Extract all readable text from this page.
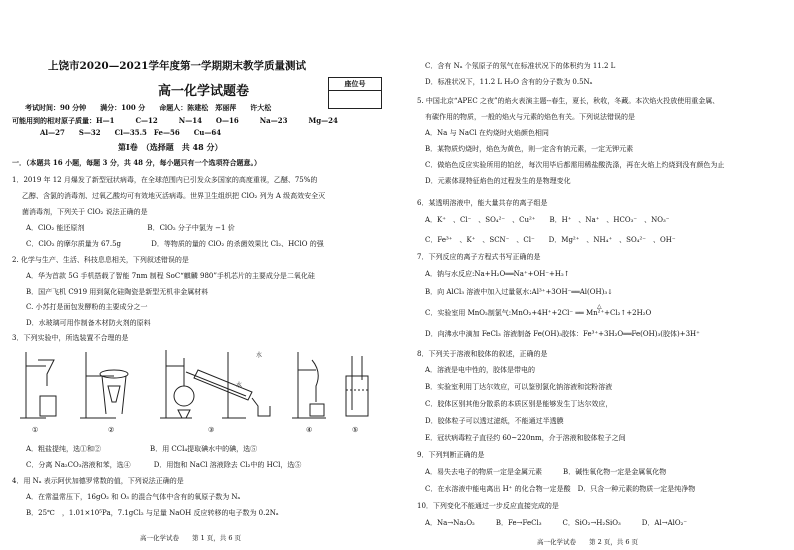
上饶市2020—2021学年度第一学期期末教学质量测试
高一化学试题卷
座位号
考试时间：90 分钟　　满分：100 分　　命题人：陈建松　郑丽萍　　许大松
可能用到的相对原子质量：H—1　　　C—12　　　N—14　　O—16　　　Na—23　　　Mg—24
Al—27　　S—32　　Cl—35.5　Fe—56　　Cu—64
第Ⅰ卷　（选择题　共 48 分）
一．（本题共 16 小题，每题 3 分，共 48 分，每小题只有一个选项符合题意。）
1．2019 年 12 月爆发了新型冠状病毒，在全球范围内已引发众多国家的高度重视，乙醚、75%的
乙醇、含氯的消毒剂、过氧乙酸均可有效地灭活病毒。世界卫生组织把 ClO₂ 列为 A 级高效安全灭
菌消毒剂，下列关于 ClO₂ 说法正确的是
A．ClO₂ 能还原剂　　　　　　　　　B．ClO₂ 分子中氯为 −1 价
C．ClO₂ 的摩尔质量为 67.5g　　　　 D．等物质的量的 ClO₂ 的杀菌效果比 Cl₂、HClO 的强
2. 化学与生产、生活、科技息息相关，下列叙述错误的是
A．华为首款 5G 手机搭载了智能 7nm 制程 SoC“麒麟 980”手机芯片的主要成分是二氧化硅
B．国产飞机 C919 用到氮化硅陶瓷是新型无机非金属材料
C. 小苏打是面包发酵粉的主要成分之一
D．水玻璃可用作制备木材防火剂的原料
3．下列实验中，所选装置不合理的是
①	②	③	④	⑤
水
水
A．粗盐提纯，选①和②　　　　　　　B．用 CCl₄提取碘水中的碘，选⑤
C．分离 Na₂CO₃溶液和苯，选④　　　 D．用饱和 NaCl 溶液除去 Cl₂中的 HCl，选⑤
4．用 Nₐ 表示阿伏加德罗常数的值，下列说法正确的是
A．在常温常压下，16gO₂ 和 O₃ 的混合气体中含有的氧原子数为 Nₐ
B．25℃　，1.01×10⁵Pa，7.1gCl₂ 与足量 NaOH 反应转移的电子数为 0.2Nₐ
高一化学试卷　　第 1 页，共 6 页
C．含有 Nₐ 个氖原子的氖气在标准状况下的体积约为 11.2 L
D．标准状况下，11.2 L H₂O 含有的分子数为 0.5Nₐ
5. 中国北京“APEC 之夜”的焰火表演主题--春生，夏长，秋收，冬藏。本次焰火投放使用重金属、
有碳作用的物质，一般的焰火与元素的焰色有关。下列说法错误的是
A．Na 与 NaCl 在灼烧时火焰颜色相同
B．某物质灼烧时，焰色为黄色，则一定含有钠元素，一定无钾元素
C．做焰色反应实验所用的铂丝，每次用毕后都需用稀盐酸洗涤，再在火焰上灼烧到没有颜色为止
D．元素体现特征焰色的过程发生的是物理变化
6．某透明溶液中，能大量共存的离子组是
A．K⁺　、Cl⁻　、SO₄²⁻　、Cu²⁺　　B．H⁺　、Na⁺　、HCO₃⁻　、NO₃⁻
C．Fe³⁺　、K⁺　、SCN⁻　、Cl⁻　　D．Mg²⁺　、NH₄⁺　、SO₄²⁻　、OH⁻
7．下列反应的离子方程式书写正确的是
A．钠与水反应:Na+H₂O══Na⁺+OH⁻+H₂↑
B．向 AlCl₃ 溶液中加入过量氨水:Al³⁺+3OH⁻══Al(OH)₃↓
△
C．实验室用 MnO₂制氯气:MnO₂+4H⁺+2Cl⁻ ══ Mn²⁺+Cl₂↑+2H₂O
D．向沸水中滴加 FeCl₃ 溶液制备 Fe(OH)₃胶体：Fe³⁺+3H₂O══Fe(OH)₃(胶体)+3H⁺
8．下列关于溶液和胶体的叙述，正确的是
A．溶液是电中性的，胶体是带电的
B．实验室利用丁达尔效应，可以鉴别氯化钠溶液和淀粉溶液
C．胶体区别其他分散系的本质区别是能够发生丁达尔效应，
D．胶体粒子可以透过滤纸，不能通过半透膜
E．冠状病毒粒子直径约 60~220nm，介于溶液和胶体粒子之间
9．下列判断正确的是
A．易失去电子的物质一定是金属元素　　　B．碱性氧化物一定是金属氧化物
C．在水溶液中能电离出 H⁺ 的化合物一定是酸　D．只含一种元素的物质一定是纯净物
10．下列变化不能通过一步反应直接完成的是
A．Na→Na₂O₂　　　B．Fe→FeCl₃　　　C．SiO₂→H₂SiO₃　　　D．Al→AlO₂⁻
高一化学试卷　　第 2 页，共 6 页
